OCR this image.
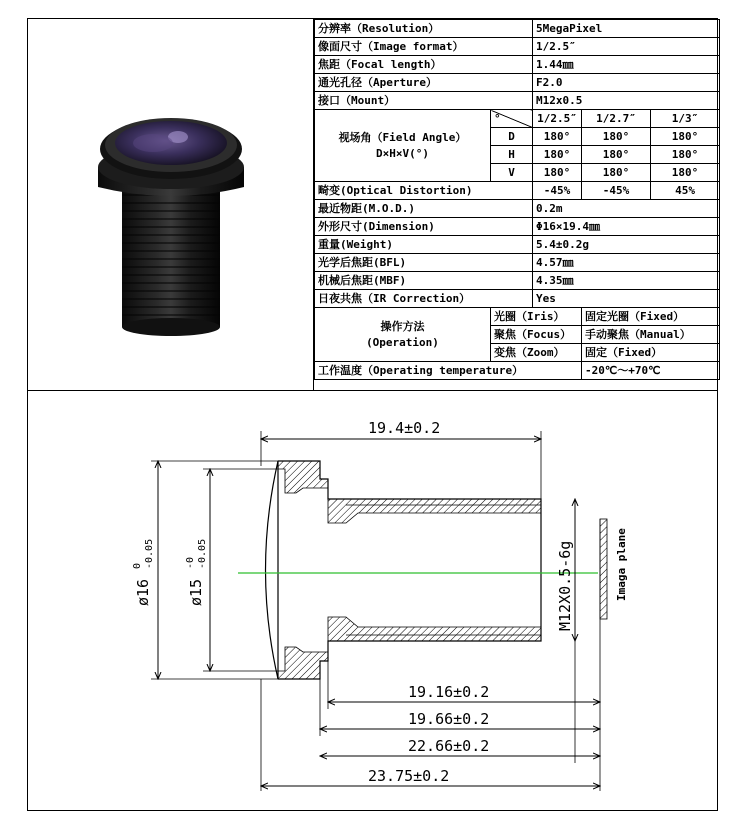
分辨率（Resolution）		5MegaPixel		
像面尺寸（Image format）		1/2.5″		
焦距（Focal length）		1.44㎜		
通光孔径（Aperture）		F2.0		
接口（Mount）		M12x0.5		

视场角（Field Angle）
D×H×V(°)	°	1/2.5″	1/2.7″	1/3″
	D	180°	180°	180°
	H	180°	180°	180°
	V	180°	180°	180°
畸变(Optical Distortion)		-45%	-45%	45%
最近物距(M.O.D.)		0.2m		
外形尺寸(Dimension)		Φ16×19.4㎜		
重量(Weight)		5.4±0.2g		
光学后焦距(BFL)		4.57㎜		
机械后焦距(MBF)		4.35㎜		
日夜共焦（IR Correction）		Yes		

操作方法
(Operation)	光圈（Iris）		固定光圈（Fixed）	
	聚焦（Focus）		手动聚焦（Manual）	
	变焦（Zoom）		固定（Fixed）	
工作温度（Operating temperature）			-20℃～+70℃	
19.4±0.2
ø16
0 -0.05
ø15
-0 -0.05	M12X0.5-6g	Imaga plane
19.16±0.2
19.66±0.2
22.66±0.2
23.75±0.2
